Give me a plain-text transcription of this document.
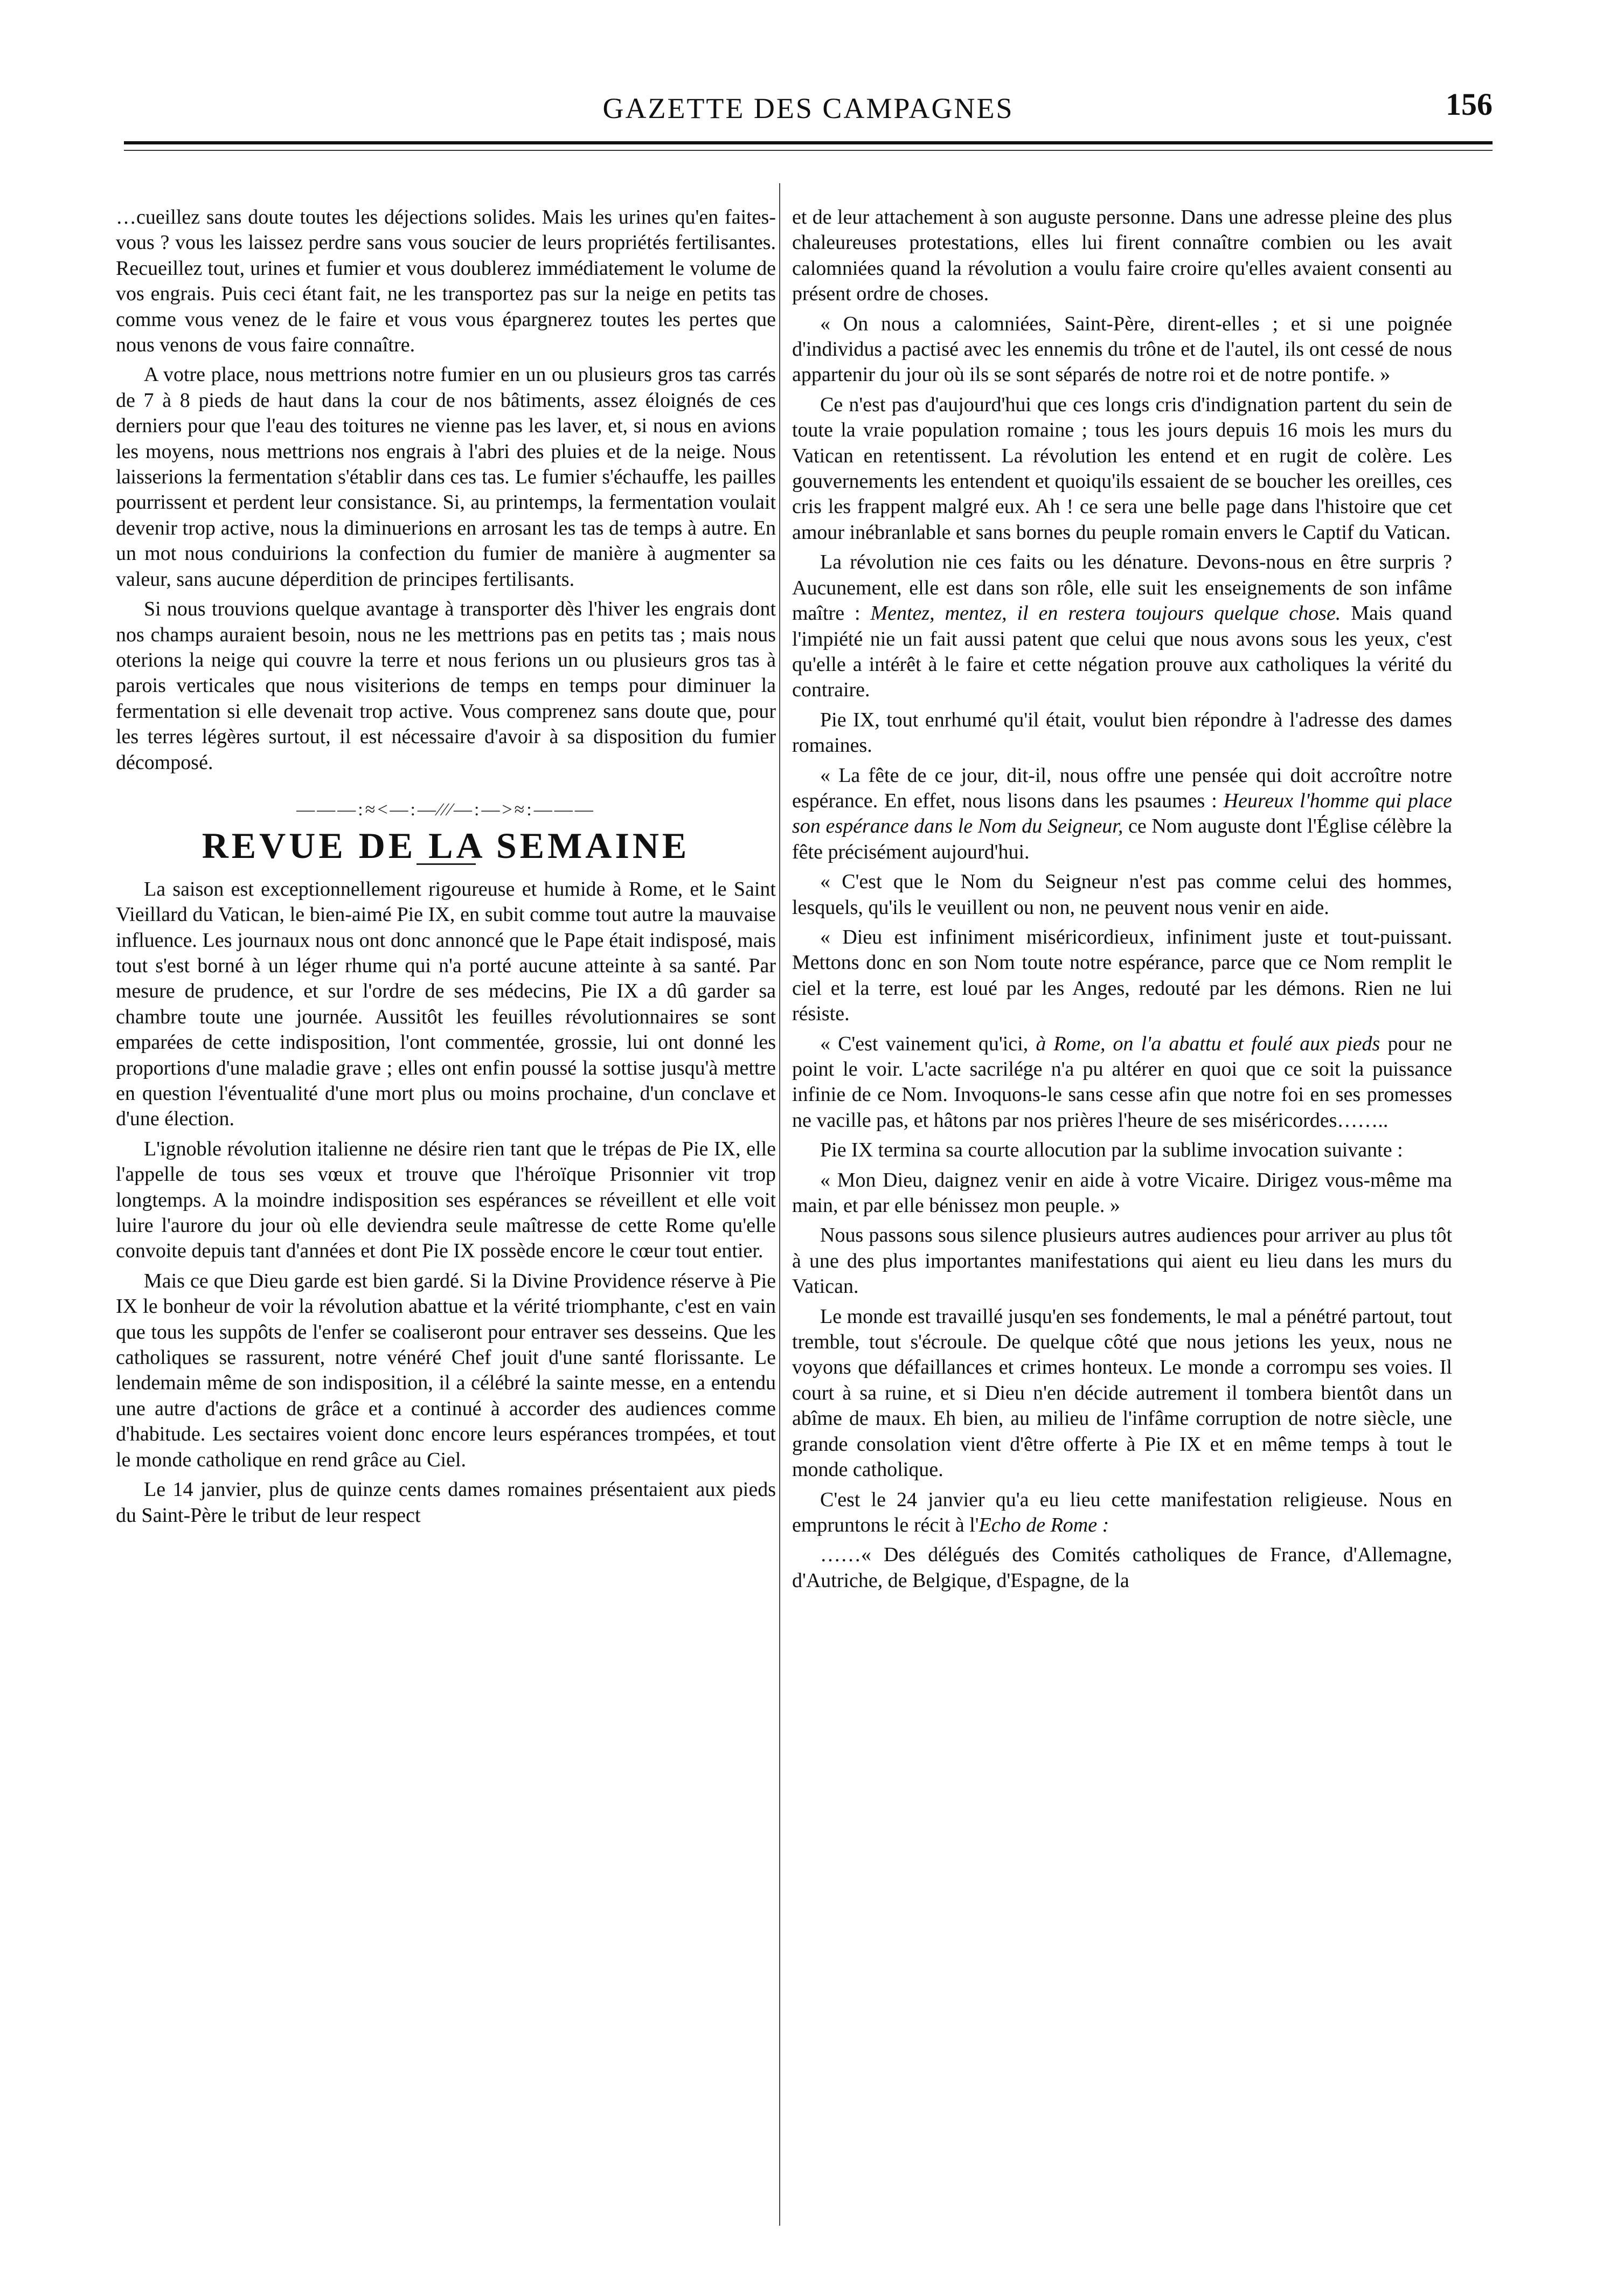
GAZETTE DES CAMPAGNES	156

…cueillez sans doute toutes les déjections solides. Mais les urines qu'en faites-vous ? vous les laissez perdre sans vous soucier de leurs propriétés fertilisantes. Recueillez tout, urines et fumier et vous doublerez immédiatement le volume de vos engrais. Puis ceci étant fait, ne les transportez pas sur la neige en petits tas comme vous venez de le faire et vous vous épargnerez toutes les pertes que nous venons de vous faire connaître.

A votre place, nous mettrions notre fumier en un ou plusieurs gros tas carrés de 7 à 8 pieds de haut dans la cour de nos bâtiments, assez éloignés de ces derniers pour que l'eau des toitures ne vienne pas les laver, et, si nous en avions les moyens, nous mettrions nos engrais à l'abri des pluies et de la neige. Nous laisserions la fermentation s'établir dans ces tas. Le fumier s'échauffe, les pailles pourrissent et perdent leur consistance. Si, au printemps, la fermentation voulait devenir trop active, nous la diminuerions en arrosant les tas de temps à autre. En un mot nous conduirions la confection du fumier de manière à augmenter sa valeur, sans aucune déperdition de principes fertilisants.

Si nous trouvions quelque avantage à transporter dès l'hiver les engrais dont nos champs auraient besoin, nous ne les mettrions pas en petits tas ; mais nous oterions la neige qui couvre la terre et nous ferions un ou plusieurs gros tas à parois verticales que nous visiterions de temps en temps pour diminuer la fermentation si elle devenait trop active. Vous comprenez sans doute que, pour les terres légères surtout, il est nécessaire d'avoir à sa disposition du fumier décomposé.

———:≈<—:—⁄⁄⁄—:—>≈:———
REVUE DE LA SEMAINE

La saison est exceptionnellement rigoureuse et humide à Rome, et le Saint Vieillard du Vatican, le bien-aimé Pie IX, en subit comme tout autre la mauvaise influence. Les journaux nous ont donc annoncé que le Pape était indisposé, mais tout s'est borné à un léger rhume qui n'a porté aucune atteinte à sa santé. Par mesure de prudence, et sur l'ordre de ses médecins, Pie IX a dû garder sa chambre toute une journée. Aussitôt les feuilles révolutionnaires se sont emparées de cette indisposition, l'ont commentée, grossie, lui ont donné les proportions d'une maladie grave ; elles ont enfin poussé la sottise jusqu'à mettre en question l'éventualité d'une mort plus ou moins prochaine, d'un conclave et d'une élection.

L'ignoble révolution italienne ne désire rien tant que le trépas de Pie IX, elle l'appelle de tous ses vœux et trouve que l'héroïque Prisonnier vit trop longtemps. A la moindre indisposition ses espérances se réveillent et elle voit luire l'aurore du jour où elle deviendra seule maîtresse de cette Rome qu'elle convoite depuis tant d'années et dont Pie IX possède encore le cœur tout entier.

Mais ce que Dieu garde est bien gardé. Si la Divine Providence réserve à Pie IX le bonheur de voir la révolution abattue et la vérité triomphante, c'est en vain que tous les suppôts de l'enfer se coaliseront pour entraver ses desseins. Que les catholiques se rassurent, notre vénéré Chef jouit d'une santé florissante. Le lendemain même de son indisposition, il a célébré la sainte messe, en a entendu une autre d'actions de grâce et a continué à accorder des audiences comme d'habitude. Les sectaires voient donc encore leurs espérances trompées, et tout le monde catholique en rend grâce au Ciel.

Le 14 janvier, plus de quinze cents dames romaines présentaient aux pieds du Saint-Père le tribut de leur respect

et de leur attachement à son auguste personne. Dans une adresse pleine des plus chaleureuses protestations, elles lui firent connaître combien ou les avait calomniées quand la révolution a voulu faire croire qu'elles avaient consenti au présent ordre de choses.

« On nous a calomniées, Saint-Père, dirent-elles ; et si une poignée d'individus a pactisé avec les ennemis du trône et de l'autel, ils ont cessé de nous appartenir du jour où ils se sont séparés de notre roi et de notre pontife. »

Ce n'est pas d'aujourd'hui que ces longs cris d'indignation partent du sein de toute la vraie population romaine ; tous les jours depuis 16 mois les murs du Vatican en retentissent. La révolution les entend et en rugit de colère. Les gouvernements les entendent et quoiqu'ils essaient de se boucher les oreilles, ces cris les frappent malgré eux. Ah ! ce sera une belle page dans l'histoire que cet amour inébranlable et sans bornes du peuple romain envers le Captif du Vatican.

La révolution nie ces faits ou les dénature. Devons-nous en être surpris ? Aucunement, elle est dans son rôle, elle suit les enseignements de son infâme maître : Mentez, mentez, il en restera toujours quelque chose. Mais quand l'impiété nie un fait aussi patent que celui que nous avons sous les yeux, c'est qu'elle a intérêt à le faire et cette négation prouve aux catholiques la vérité du contraire.

Pie IX, tout enrhumé qu'il était, voulut bien répondre à l'adresse des dames romaines.

« La fête de ce jour, dit-il, nous offre une pensée qui doit accroître notre espérance. En effet, nous lisons dans les psaumes : Heureux l'homme qui place son espérance dans le Nom du Seigneur, ce Nom auguste dont l'Église célèbre la fête précisément aujourd'hui.

« C'est que le Nom du Seigneur n'est pas comme celui des hommes, lesquels, qu'ils le veuillent ou non, ne peuvent nous venir en aide.

« Dieu est infiniment miséricordieux, infiniment juste et tout-puissant. Mettons donc en son Nom toute notre espérance, parce que ce Nom remplit le ciel et la terre, est loué par les Anges, redouté par les démons. Rien ne lui résiste.

« C'est vainement qu'ici, à Rome, on l'a abattu et foulé aux pieds pour ne point le voir. L'acte sacrilége n'a pu altérer en quoi que ce soit la puissance infinie de ce Nom. Invoquons-le sans cesse afin que notre foi en ses promesses ne vacille pas, et hâtons par nos prières l'heure de ses miséricordes……..

Pie IX termina sa courte allocution par la sublime invocation suivante :

« Mon Dieu, daignez venir en aide à votre Vicaire. Dirigez vous-même ma main, et par elle bénissez mon peuple. »

Nous passons sous silence plusieurs autres audiences pour arriver au plus tôt à une des plus importantes manifestations qui aient eu lieu dans les murs du Vatican.

Le monde est travaillé jusqu'en ses fondements, le mal a pénétré partout, tout tremble, tout s'écroule. De quelque côté que nous jetions les yeux, nous ne voyons que défaillances et crimes honteux. Le monde a corrompu ses voies. Il court à sa ruine, et si Dieu n'en décide autrement il tombera bientôt dans un abîme de maux. Eh bien, au milieu de l'infâme corruption de notre siècle, une grande consolation vient d'être offerte à Pie IX et en même temps à tout le monde catholique.

C'est le 24 janvier qu'a eu lieu cette manifestation religieuse. Nous en empruntons le récit à l'Echo de Rome :

……« Des délégués des Comités catholiques de France, d'Allemagne, d'Autriche, de Belgique, d'Espagne, de la
